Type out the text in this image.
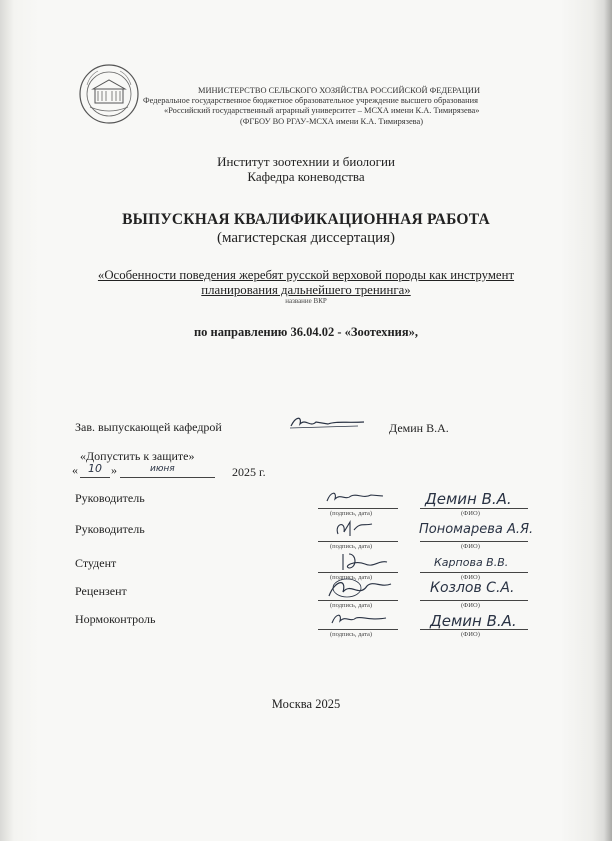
МИНИСТЕРСТВО СЕЛЬСКОГО ХОЗЯЙСТВА РОССИЙСКОЙ ФЕДЕРАЦИИ
Федеральное государственное бюджетное образовательное учреждение высшего образования
«Российский государственный аграрный университет – МСХА имени К.А. Тимирязева»
(ФГБОУ ВО РГАУ-МСХА имени К.А. Тимирязева)
Институт зоотехнии и биологии
Кафедра коневодства
ВЫПУСКНАЯ КВАЛИФИКАЦИОННАЯ РАБОТА
(магистерская диссертация)
«Особенности поведения жеребят русской верховой породы как инструмент
планирования дальнейшего тренинга»
название ВКР
по направлению 36.04.02 - «Зоотехния»,
Зав. выпускающей кафедрой	Демин В.А.
«Допустить к защите»
« 10 »	июня	2025 г.
Руководитель
(подпись, дата)
Демин В.А.
(ФИО)
Руководитель
(подпись, дата)
Пономарева А.Я.
(ФИО)
Студент
(подпись, дата)
Карпова В.В.
(ФИО)
Рецензент
(подпись, дата)
Козлов С.А.
(ФИО)
Нормоконтроль
(подпись, дата)
Демин В.А.
(ФИО)
Москва 2025
